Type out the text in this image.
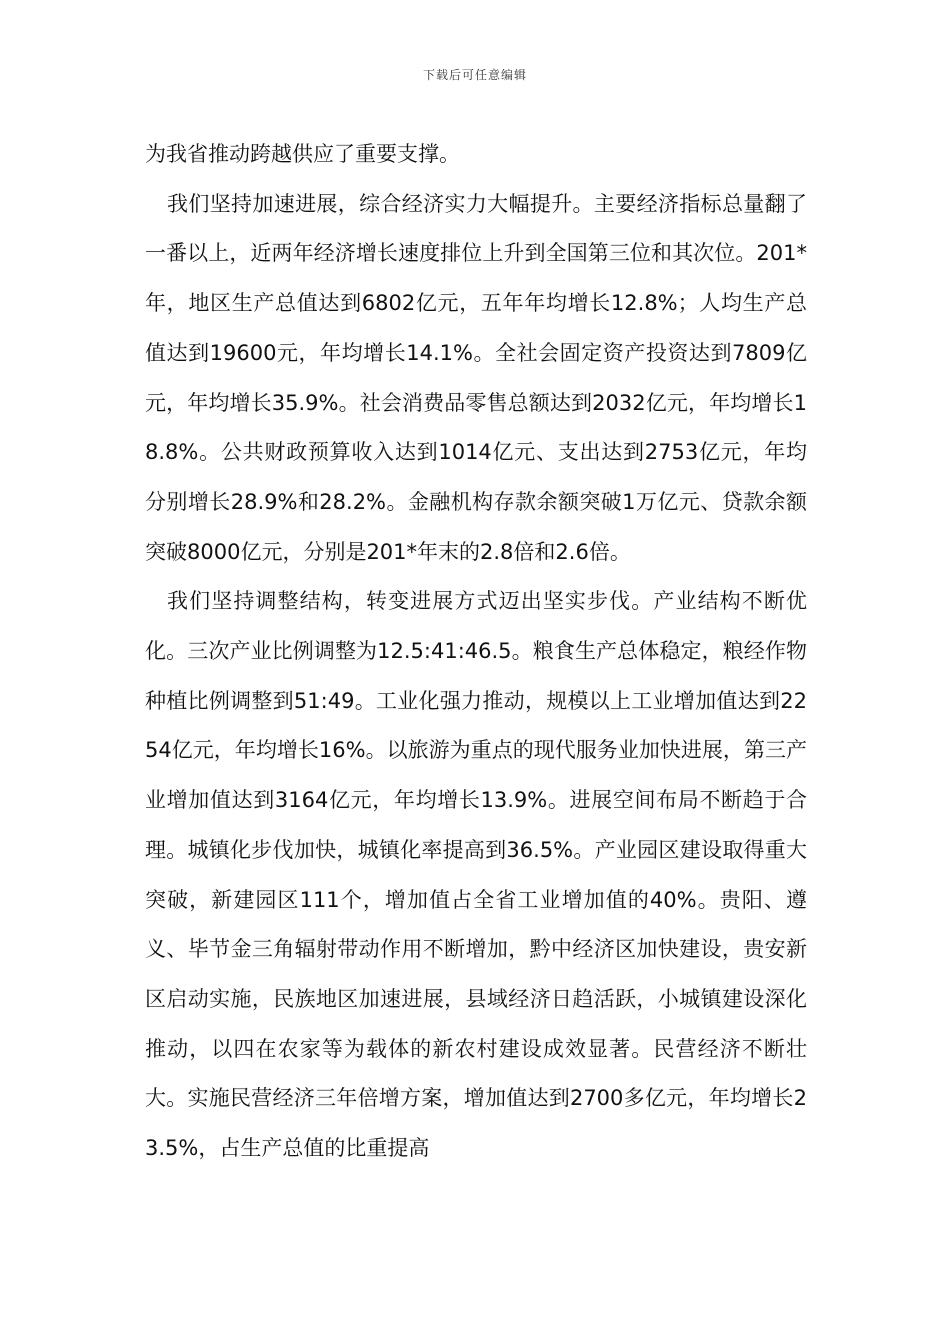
下载后可任意编辑

为我省推动跨越供应了重要支撑。

我们坚持加速进展，综合经济实力大幅提升。主要经济指标总量翻了一番以上，近两年经济增长速度排位上升到全国第三位和其次位。201*年，地区生产总值达到6802亿元，五年年均增长12.8%；人均生产总值达到19600元，年均增长14.1%。全社会固定资产投资达到7809亿元，年均增长35.9%。社会消费品零售总额达到2032亿元，年均增长18.8%。公共财政预算收入达到1014亿元、支出达到2753亿元，年均分别增长28.9%和28.2%。金融机构存款余额突破1万亿元、贷款余额突破8000亿元，分别是201*年末的2.8倍和2.6倍。

我们坚持调整结构，转变进展方式迈出坚实步伐。产业结构不断优化。三次产业比例调整为12.5:41:46.5。粮食生产总体稳定，粮经作物种植比例调整到51:49。工业化强力推动，规模以上工业增加值达到2254亿元，年均增长16%。以旅游为重点的现代服务业加快进展，第三产业增加值达到3164亿元，年均增长13.9%。进展空间布局不断趋于合理。城镇化步伐加快，城镇化率提高到36.5%。产业园区建设取得重大突破，新建园区111个，增加值占全省工业增加值的40%。贵阳、遵义、毕节金三角辐射带动作用不断增加，黔中经济区加快建设，贵安新区启动实施，民族地区加速进展，县域经济日趋活跃，小城镇建设深化推动，以四在农家等为载体的新农村建设成效显著。民营经济不断壮大。实施民营经济三年倍增方案，增加值达到2700多亿元，年均增长23.5%，占生产总值的比重提高
